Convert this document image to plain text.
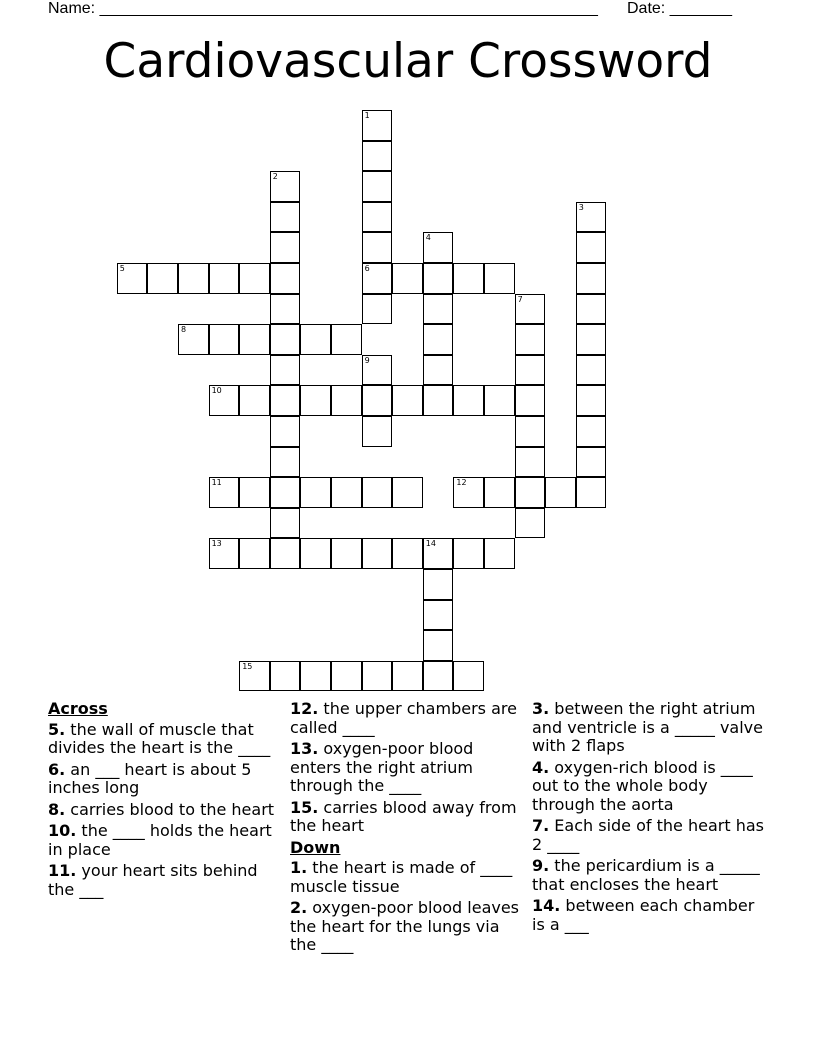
Name: ________________________________________________________ Date: _______
Cardiovascular Crossword
1
6
2
3
4
5
7
8
9
10
11	12
13	14
15
Across
5. the wall of muscle that divides the heart is the ____
6. an ___ heart is about 5 inches long
8. carries blood to the heart
10. the ____ holds the heart in place
11. your heart sits behind the ___
12. the upper chambers are called ____
13. oxygen-poor blood enters the right atrium through the ____
15. carries blood away from the heart
Down
1. the heart is made of ____ muscle tissue
2. oxygen-poor blood leaves the heart for the lungs via the ____
3. between the right atrium and ventricle is a _____ valve with 2 flaps
4. oxygen-rich blood is ____ out to the whole body through the aorta
7. Each side of the heart has 2 ____
9. the pericardium is a _____ that encloses the heart
14. between each chamber is a ___
